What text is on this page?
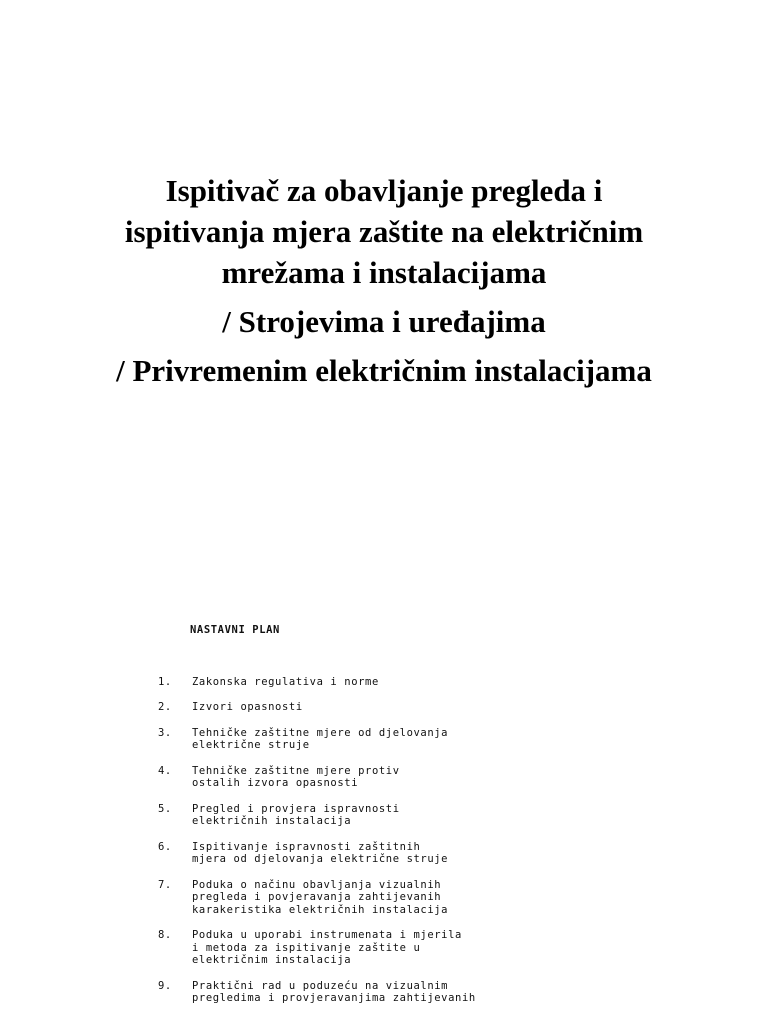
Ispitivač za obavljanje pregleda i
ispitivanja mjera zaštite na električnim
mrežama i instalacijama
/ Strojevima i uređajima
/ Privremenim električnim instalacijama
NASTAVNI PLAN
1.	Zakonska regulativa i norme
2.	Izvori opasnosti
3.	Tehničke zaštitne mjere od djelovanja
električne struje
4.	Tehničke zaštitne mjere protiv
ostalih izvora opasnosti
5.	Pregled i provjera ispravnosti
električnih instalacija
6.	Ispitivanje ispravnosti zaštitnih
mjera od djelovanja električne struje
7.	Poduka o načinu obavljanja vizualnih
pregleda i povjeravanja zahtijevanih
karakeristika električnih instalacija
8.	Poduka u uporabi instrumenata i mjerila
i metoda za ispitivanje zaštite u
električnim instalacija
9.	Praktični rad u poduzeću na vizualnim
pregledima i provjeravanjima zahtijevanih
